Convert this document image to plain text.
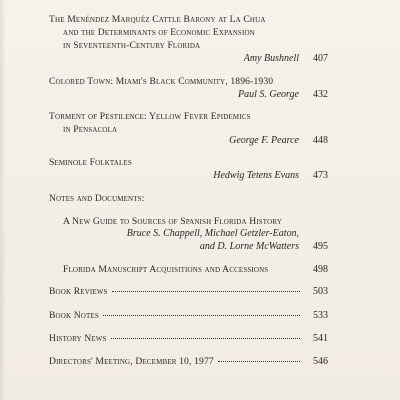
The Menéndez Marquéz Cattle Barony at La Chua
and the Determinants of Economic Expansion
in Seventeenth-Century Florida
Amy Bushnell	407
Colored Town: Miami's Black Community, 1896-1930
Paul S. George	432
Torment of Pestilence: Yellow Fever Epidemics
in Pensacola
George F. Pearce	448
Seminole Folktales
Hedwig Tetens Evans	473
Notes and Documents:
A New Guide to Sources of Spanish Florida History
Bruce S. Chappell, Michael Getzler-Eaton,
and D. Lorne McWatters	495
Florida Manuscript Acquisitions and Accessions	498
Book Reviews	503
Book Notes	533
History News	541
Directors' Meeting, December 10, 1977	546
